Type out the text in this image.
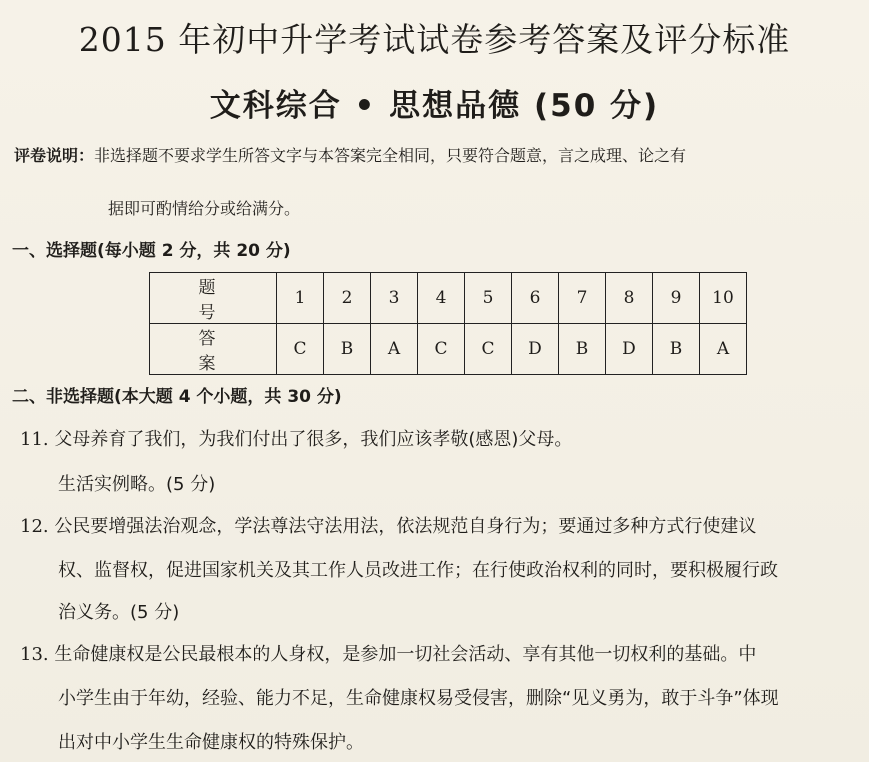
2015 年初中升学考试试卷参考答案及评分标准
文科综合 • 思想品德 (50 分)
评卷说明：非选择题不要求学生所答文字与本答案完全相同，只要符合题意，言之成理、论之有
据即可酌情给分或给满分。
一、选择题(每小题 2 分，共 20 分)
题　号	1	2	3	4	5	6	7	8	9	10
答　案	C	B	A	C	C	D	B	D	B	A
二、非选择题(本大题 4 个小题，共 30 分)
11. 父母养育了我们，为我们付出了很多，我们应该孝敬(感恩)父母。
生活实例略。(5 分)
12. 公民要增强法治观念，学法尊法守法用法，依法规范自身行为；要通过多种方式行使建议
权、监督权，促进国家机关及其工作人员改进工作；在行使政治权利的同时，要积极履行政
治义务。(5 分)
13. 生命健康权是公民最根本的人身权，是参加一切社会活动、享有其他一切权利的基础。中
小学生由于年幼，经验、能力不足，生命健康权易受侵害，删除“见义勇为，敢于斗争”体现
出对中小学生生命健康权的特殊保护。
